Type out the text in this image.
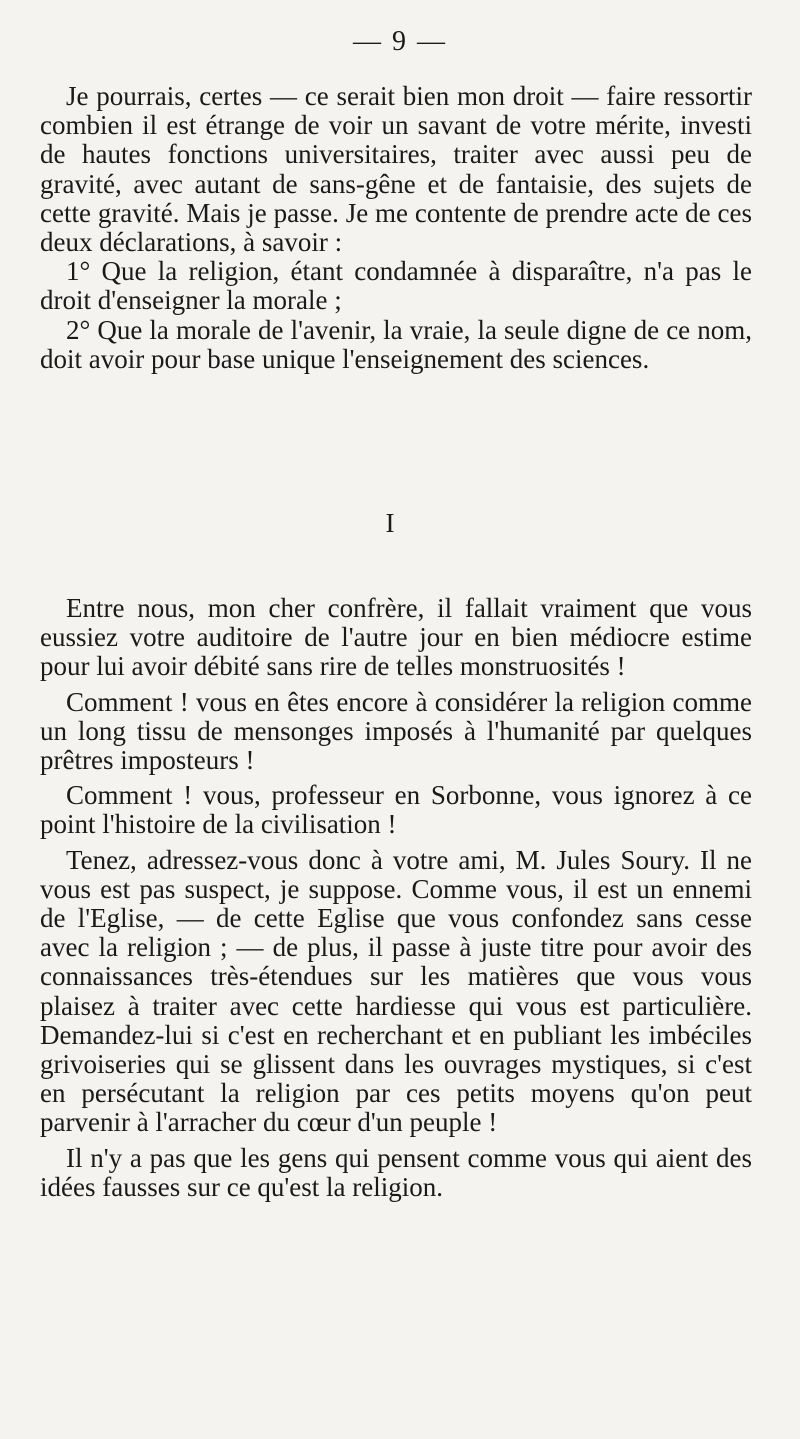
— 9 —

Je pourrais, certes — ce serait bien mon droit — faire ressortir combien il est étrange de voir un savant de votre mérite, investi de hautes fonctions universitaires, traiter avec aussi peu de gravité, avec autant de sans-gêne et de fantaisie, des sujets de cette gravité. Mais je passe. Je me contente de prendre acte de ces deux déclarations, à savoir :

1° Que la religion, étant condamnée à disparaître, n'a pas le droit d'enseigner la morale ;

2° Que la morale de l'avenir, la vraie, la seule digne de ce nom, doit avoir pour base unique l'enseignement des sciences.

I

Entre nous, mon cher confrère, il fallait vraiment que vous eussiez votre auditoire de l'autre jour en bien médiocre estime pour lui avoir débité sans rire de telles monstruosités !

Comment ! vous en êtes encore à considérer la religion comme un long tissu de mensonges imposés à l'humanité par quelques prêtres imposteurs !

Comment ! vous, professeur en Sorbonne, vous ignorez à ce point l'histoire de la civilisation !

Tenez, adressez-vous donc à votre ami, M. Jules Soury. Il ne vous est pas suspect, je suppose. Comme vous, il est un ennemi de l'Eglise, — de cette Eglise que vous confondez sans cesse avec la religion ; — de plus, il passe à juste titre pour avoir des connaissances très-étendues sur les matières que vous vous plaisez à traiter avec cette hardiesse qui vous est particulière. Demandez-lui si c'est en recherchant et en publiant les imbéciles grivoiseries qui se glissent dans les ouvrages mystiques, si c'est en persécutant la religion par ces petits moyens qu'on peut parvenir à l'arracher du cœur d'un peuple !

Il n'y a pas que les gens qui pensent comme vous qui aient des idées fausses sur ce qu'est la religion.
